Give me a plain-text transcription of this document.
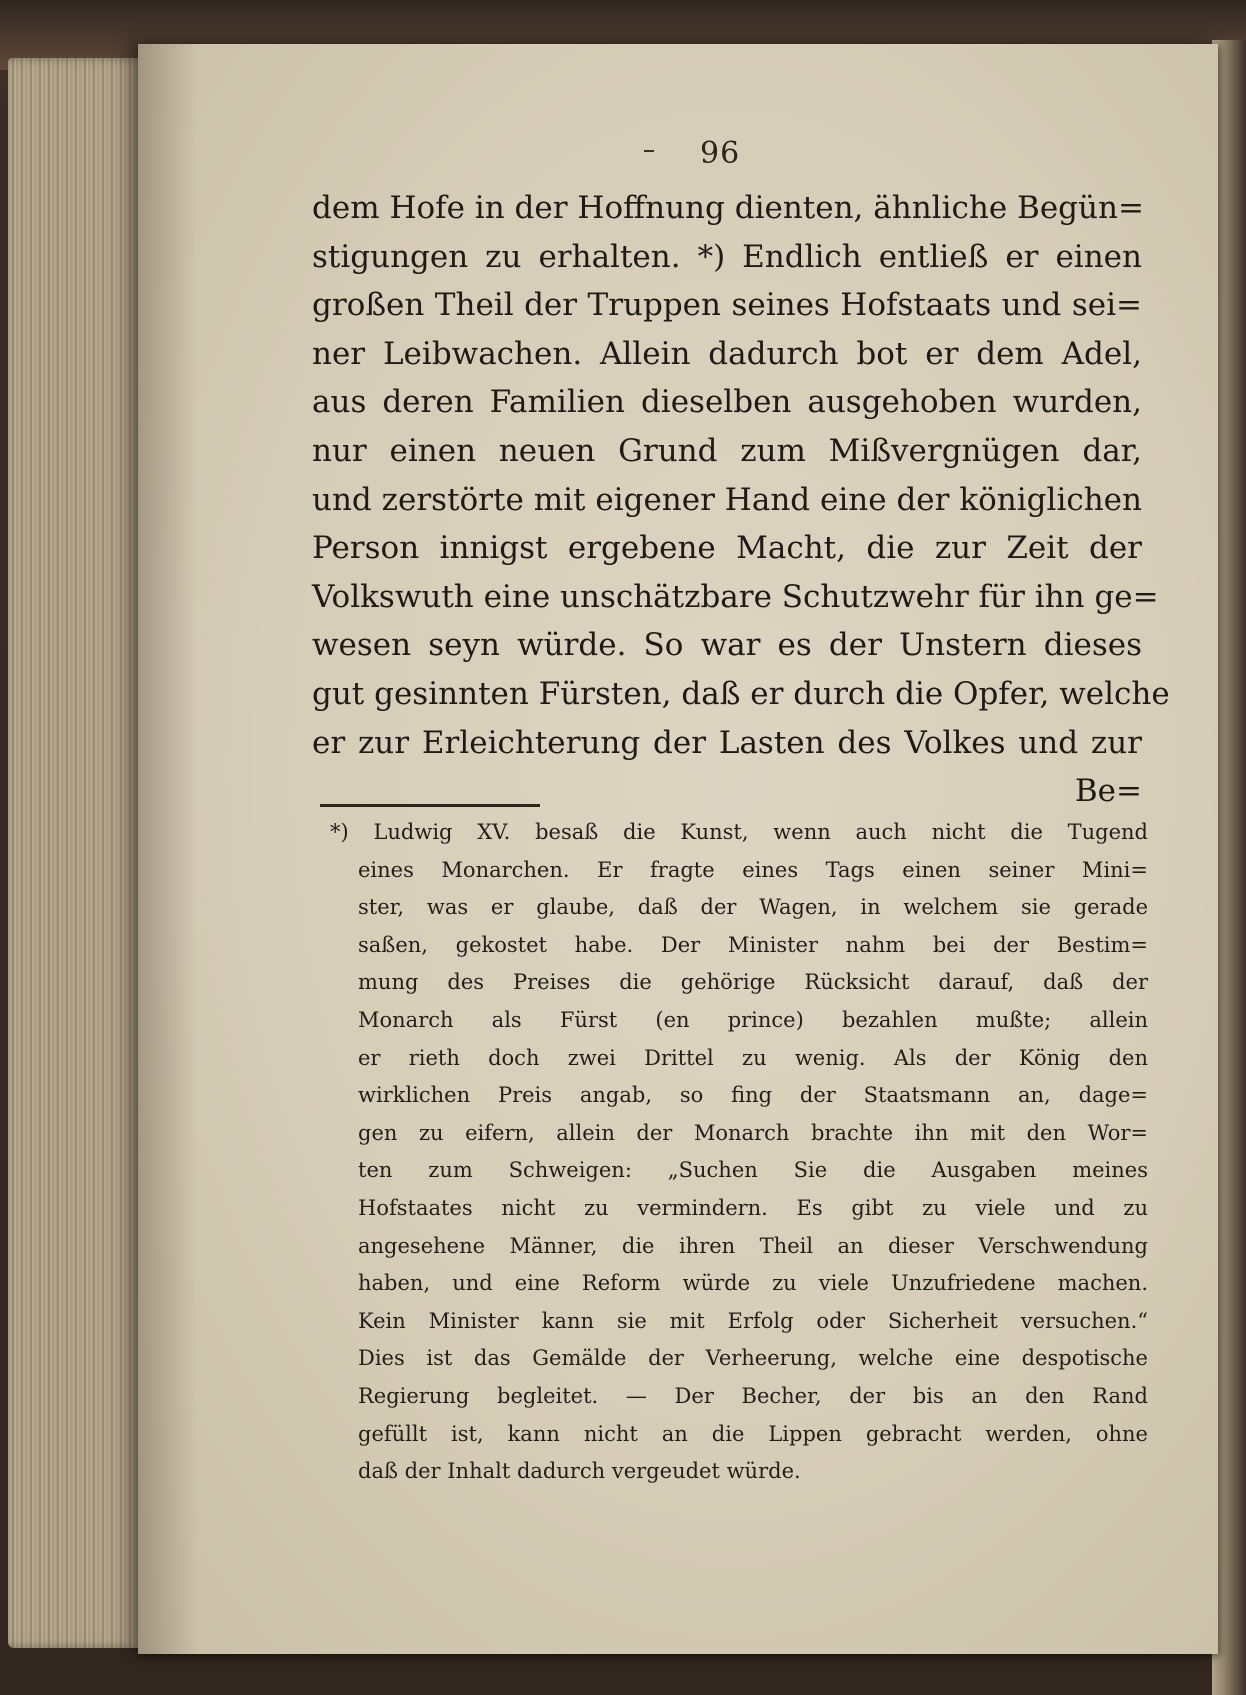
96
dem Hofe in der Hoffnung dienten, ähnliche Begün=
stigungen zu erhalten. *) Endlich entließ er einen
großen Theil der Truppen seines Hofstaats und sei=
ner Leibwachen. Allein dadurch bot er dem Adel,
aus deren Familien dieselben ausgehoben wurden,
nur einen neuen Grund zum Mißvergnügen dar,
und zerstörte mit eigener Hand eine der königlichen
Person innigst ergebene Macht, die zur Zeit der
Volkswuth eine unschätzbare Schutzwehr für ihn ge=
wesen seyn würde. So war es der Unstern dieses
gut gesinnten Fürsten, daß er durch die Opfer, welche
er zur Erleichterung der Lasten des Volkes und zur
Be=
*) Ludwig XV. besaß die Kunst, wenn auch nicht die Tugend
eines Monarchen. Er fragte eines Tags einen seiner Mini=
ster, was er glaube, daß der Wagen, in welchem sie gerade
saßen, gekostet habe. Der Minister nahm bei der Bestim=
mung des Preises die gehörige Rücksicht darauf, daß der
Monarch als Fürst (en prince) bezahlen mußte; allein
er rieth doch zwei Drittel zu wenig. Als der König den
wirklichen Preis angab, so fing der Staatsmann an, dage=
gen zu eifern, allein der Monarch brachte ihn mit den Wor=
ten zum Schweigen: „Suchen Sie die Ausgaben meines
Hofstaates nicht zu vermindern. Es gibt zu viele und zu
angesehene Männer, die ihren Theil an dieser Verschwendung
haben, und eine Reform würde zu viele Unzufriedene machen.
Kein Minister kann sie mit Erfolg oder Sicherheit versuchen.“
Dies ist das Gemälde der Verheerung, welche eine despotische
Regierung begleitet. — Der Becher, der bis an den Rand
gefüllt ist, kann nicht an die Lippen gebracht werden, ohne
daß der Inhalt dadurch vergeudet würde.
